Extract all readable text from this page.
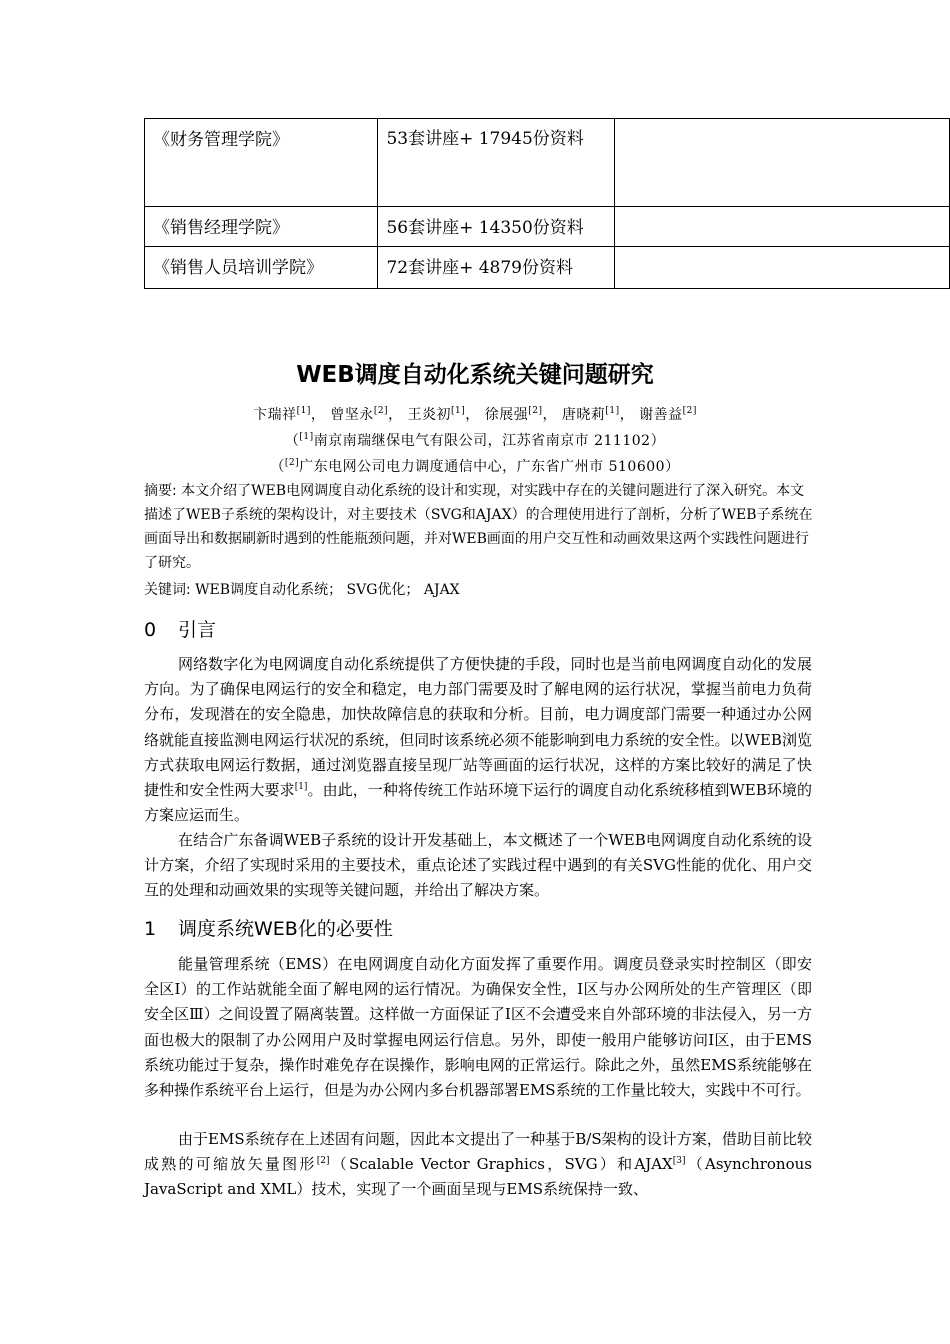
《财务管理学院》	53套讲座+ 17945份资料	
《销售经理学院》	56套讲座+ 14350份资料	
《销售人员培训学院》	72套讲座+ 4879份资料	
WEB调度自动化系统关键问题研究
卞瑞祥[1]， 曾坚永[2]， 王炎初[1]， 徐展强[2]， 唐晓莉[1]， 谢善益[2]
（[1]南京南瑞继保电气有限公司，江苏省南京市 211102）
（[2]广东电网公司电力调度通信中心，广东省广州市 510600）
摘要: 本文介绍了WEB电网调度自动化系统的设计和实现，对实践中存在的关键问题进行了深入研究。本文描述了WEB子系统的架构设计，对主要技术（SVG和AJAX）的合理使用进行了剖析，分析了WEB子系统在画面导出和数据刷新时遇到的性能瓶颈问题，并对WEB画面的用户交互性和动画效果这两个实践性问题进行了研究。
关键词: WEB调度自动化系统； SVG优化； AJAX
0 引言
网络数字化为电网调度自动化系统提供了方便快捷的手段，同时也是当前电网调度自动化的发展方向。为了确保电网运行的安全和稳定，电力部门需要及时了解电网的运行状况，掌握当前电力负荷分布，发现潜在的安全隐患，加快故障信息的获取和分析。目前，电力调度部门需要一种通过办公网络就能直接监测电网运行状况的系统，但同时该系统必须不能影响到电力系统的安全性。以WEB浏览方式获取电网运行数据，通过浏览器直接呈现厂站等画面的运行状况，这样的方案比较好的满足了快捷性和安全性两大要求[1]。由此，一种将传统工作站环境下运行的调度自动化系统移植到WEB环境的方案应运而生。
在结合广东备调WEB子系统的设计开发基础上，本文概述了一个WEB电网调度自动化系统的设计方案，介绍了实现时采用的主要技术，重点论述了实践过程中遇到的有关SVG性能的优化、用户交互的处理和动画效果的实现等关键问题，并给出了解决方案。
1 调度系统WEB化的必要性
能量管理系统（EMS）在电网调度自动化方面发挥了重要作用。调度员登录实时控制区（即安全区Ⅰ）的工作站就能全面了解电网的运行情况。为确保安全性，Ⅰ区与办公网所处的生产管理区（即安全区Ⅲ）之间设置了隔离装置。这样做一方面保证了Ⅰ区不会遭受来自外部环境的非法侵入，另一方面也极大的限制了办公网用户及时掌握电网运行信息。另外，即使一般用户能够访问Ⅰ区，由于EMS系统功能过于复杂，操作时难免存在误操作，影响电网的正常运行。除此之外，虽然EMS系统能够在多种操作系统平台上运行，但是为办公网内多台机器部署EMS系统的工作量比较大，实践中不可行。
由于EMS系统存在上述固有问题，因此本文提出了一种基于B/S架构的设计方案，借助目前比较成熟的可缩放矢量图形[2]（Scalable Vector Graphics，SVG）和AJAX[3]（Asynchronous JavaScript and XML）技术，实现了一个画面呈现与EMS系统保持一致、
